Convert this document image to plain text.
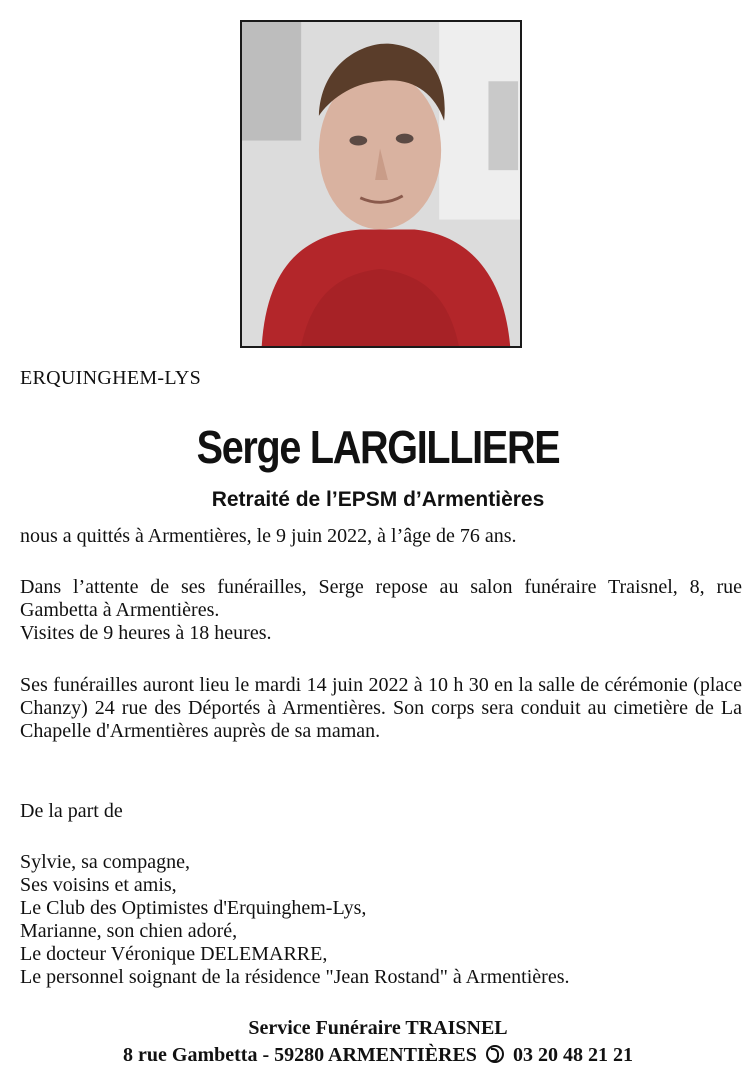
ERQUINGHEM-LYS
Serge LARGILLIERE
Retraité de l’EPSM d’Armentières

nous a quittés à Armentières, le 9 juin 2022, à l’âge de 76 ans.

Dans l’attente de ses funérailles, Serge repose au salon funéraire Traisnel, 8, rue Gambetta à Armentières.

Visites de 9 heures à 18 heures.

Ses funérailles auront lieu le mardi 14 juin 2022 à 10 h 30 en la salle de cérémonie (place Chanzy) 24 rue des Déportés à Armentières. Son corps sera conduit au cimetière de La Chapelle d'Armentières auprès de sa maman.

De la part de

Sylvie, sa compagne,
Ses voisins et amis,
Le Club des Optimistes d'Erquinghem-Lys,
Marianne, son chien adoré,
Le docteur Véronique DELEMARRE,
Le personnel soignant de la résidence "Jean Rostand" à Armentières.
Service Funéraire TRAISNEL
8 rue Gambetta - 59280 ARMENTIÈRES 03 20 48 21 21
